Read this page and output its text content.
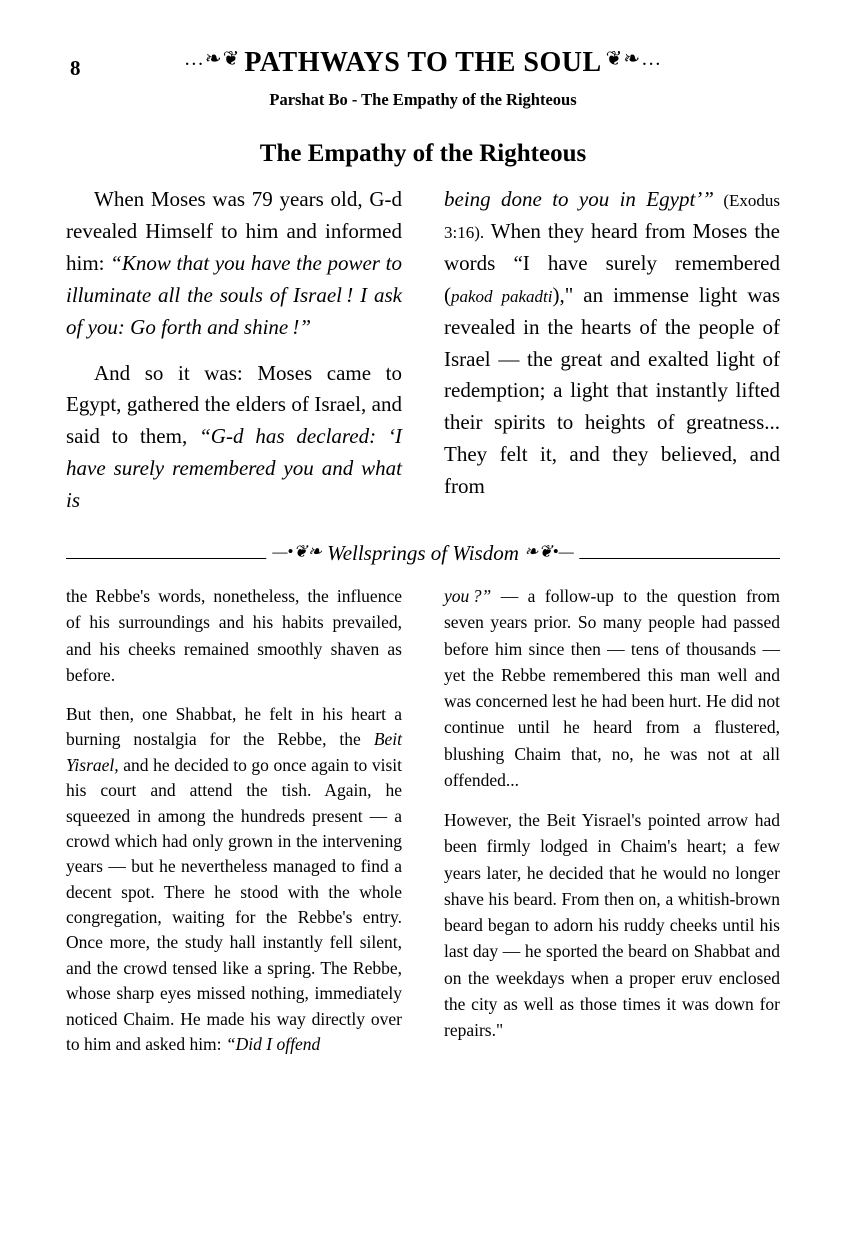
8	…❧❦ PATHWAYS TO THE SOUL ❦❧…
Parshat Bo - The Empathy of the Righteous
The Empathy of the Righteous

When Moses was 79 years old, G-d revealed Himself to him and informed him: “Know that you have the power to illuminate all the souls of Israel ! I ask of you: Go forth and shine !”

And so it was: Moses came to Egypt, gathered the elders of Israel, and said to them, “G-d has declared: ‘I have surely remembered you and what is

being done to you in Egypt’” (Exodus 3:16). When they heard from Moses the words “I have surely remembered (pakod pakadti)," an immense light was revealed in the hearts of the people of Israel — the great and exalted light of redemption; a light that instantly lifted their spirits to heights of greatness... They felt it, and they believed, and from

—•❦❧ Wellsprings of Wisdom ❧❦•—

the Rebbe's words, nonetheless, the influence of his surroundings and his habits prevailed, and his cheeks remained smoothly shaven as before.

But then, one Shabbat, he felt in his heart a burning nostalgia for the Rebbe, the Beit Yisrael, and he decided to go once again to visit his court and attend the tish. Again, he squeezed in among the hundreds present — a crowd which had only grown in the intervening years — but he nevertheless managed to find a decent spot. There he stood with the whole congregation, waiting for the Rebbe's entry. Once more, the study hall instantly fell silent, and the crowd tensed like a spring. The Rebbe, whose sharp eyes missed nothing, immediately noticed Chaim. He made his way directly over to him and asked him: “Did I offend

you ?” — a follow-up to the question from seven years prior. So many people had passed before him since then — tens of thousands — yet the Rebbe remembered this man well and was concerned lest he had been hurt. He did not continue until he heard from a flustered, blushing Chaim that, no, he was not at all offended...

However, the Beit Yisrael's pointed arrow had been firmly lodged in Chaim's heart; a few years later, he decided that he would no longer shave his beard. From then on, a whitish-brown beard began to adorn his ruddy cheeks until his last day — he sported the beard on Shabbat and on the weekdays when a proper eruv enclosed the city as well as those times it was down for repairs."
